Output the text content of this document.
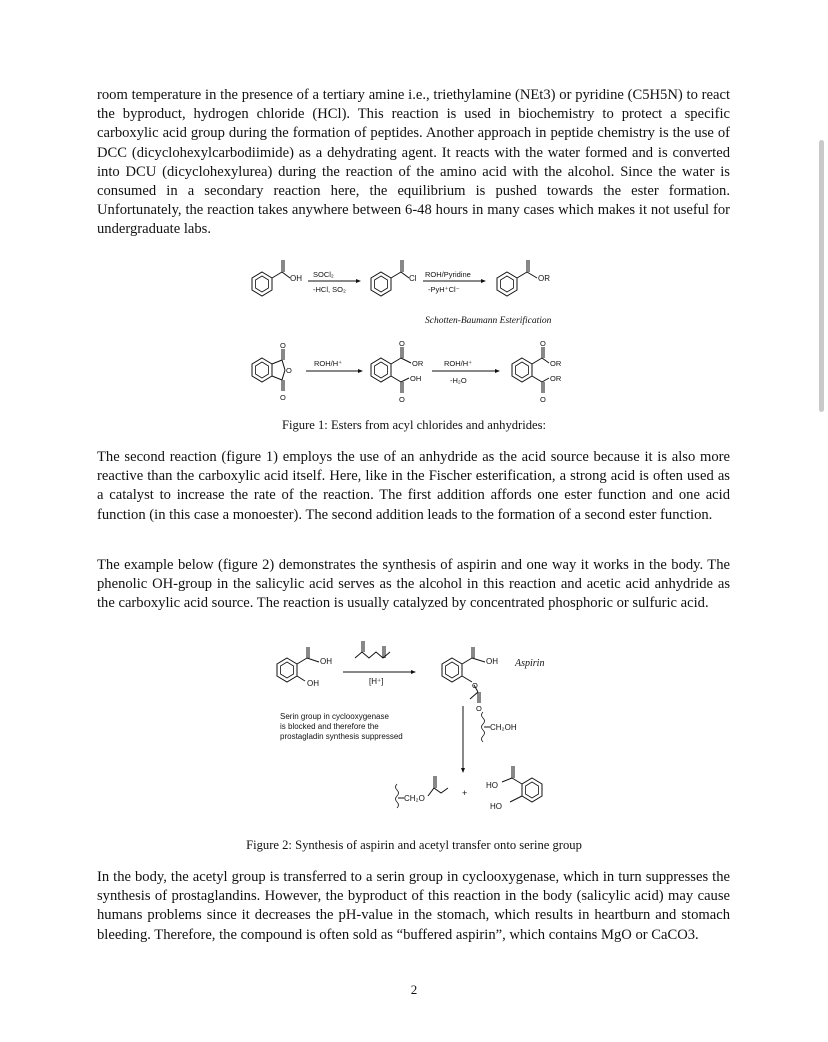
room temperature in the presence of a tertiary amine i.e., triethylamine (NEt3) or pyridine (C5H5N) to react the byproduct, hydrogen chloride (HCl). This reaction is used in biochemistry to protect a specific carboxylic acid group during the formation of peptides. Another approach in peptide chemistry is the use of DCC (dicyclohexylcarbodiimide) as a dehydrating agent. It reacts with the water formed and is converted into DCU (dicyclohexylurea) during the reaction of the amino acid with the alcohol. Since the water is consumed in a secondary reaction here, the equilibrium is pushed towards the ester formation. Unfortunately, the reaction takes anywhere between 6-48 hours in many cases which makes it not useful for undergraduate labs.

OH SOCl₂
-HCl, SO₂
Cl ROH/Pyridine
-PyH⁺Cl⁻
OR
Schotten-Baumann Esterification
O
O
O
ROH/H⁺
O
OR
OH
O
ROH/H⁺
-H₂O
O
OR
OR
O

Figure 1: Esters from acyl chlorides and anhydrides:

The second reaction (figure 1) employs the use of an anhydride as the acid source because it is also more reactive than the carboxylic acid itself. Here, like in the Fischer esterification, a strong acid is often used as a catalyst to increase the rate of the reaction. The first addition affords one ester function and one acid function (in this case a monoester). The second addition leads to the formation of a second ester function.

The example below (figure 2) demonstrates the synthesis of aspirin and one way it works in the body. The phenolic OH-group in the salicylic acid serves as the alcohol in this reaction and acetic acid anhydride as the carboxylic acid source. The reaction is usually catalyzed by concentrated phosphoric or sulfuric acid.

OH
OH	[H⁺]
OH Aspirin
O
O
Serin group in cyclooxygenase
is blocked and therefore the
prostagladin synthesis suppressed
CH₂OH
CH₂O
+
HO
HO

Figure 2: Synthesis of aspirin and acetyl transfer onto serine group

In the body, the acetyl group is transferred to a serin group in cyclooxygenase, which in turn suppresses the synthesis of prostaglandins. However, the byproduct of this reaction in the body (salicylic acid) may cause humans problems since it decreases the pH-value in the stomach, which results in heartburn and stomach bleeding. Therefore, the compound is often sold as “buffered aspirin”, which contains MgO or CaCO3.

2
